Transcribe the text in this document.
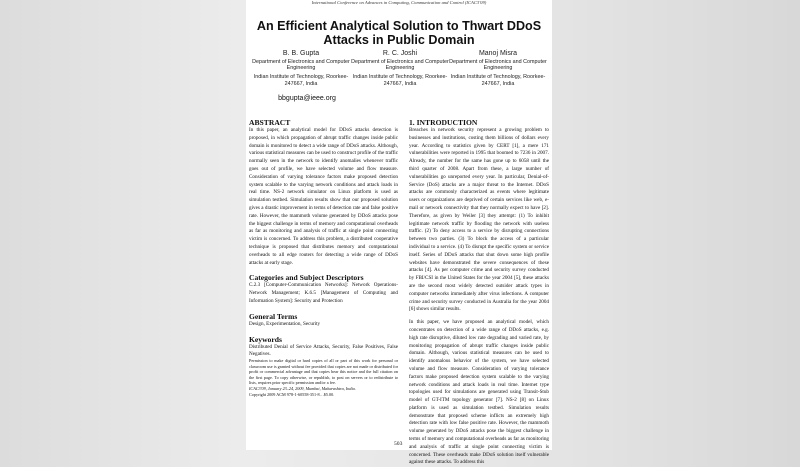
International Conference on Advances in Computing, Communication and Control (ICAC3'09)
An Efficient Analytical Solution to Thwart DDoS Attacks in Public Domain
B. B. Gupta
Department of Electronics and Computer Engineering
Indian Institute of Technology, Roorkee-247667, India
R. C. Joshi
Department of Electronics and Computer Engineering
Indian Institute of Technology, Roorkee-247667, India
Manoj Misra
Department of Electronics and Computer Engineering
Indian Institute of Technology, Roorkee-247667, India
bbgupta@ieee.org
ABSTRACT

In this paper, an analytical model for DDoS attacks detection is proposed, in which propagation of abrupt traffic changes inside public domain is monitored to detect a wide range of DDoS attacks. Although, various statistical measures can be used to construct profile of the traffic normally seen in the network to identify anomalies whenever traffic goes out of profile, we have selected volume and flow measure. Consideration of varying tolerance factors make proposed detection system scalable to the varying network conditions and attack loads in real time. NS-2 network simulator on Linux platform is used as simulation testbed. Simulation results show that our proposed solution gives a drastic improvement in terms of detection rate and false positive rate. However, the mammoth volume generated by DDoS attacks pose the biggest challenge in terms of memory and computational overheads as far as monitoring and analysis of traffic at single point connecting victim is concerned. To address this problem, a distributed cooperative technique is proposed that distributes memory and computational overheads to all edge routers for detecting a wide range of DDoS attacks at early stage.

Categories and Subject Descriptors

C.2.3 [Computer-Communication Networks]: Network Operations-Network Management; K.6.5 [Management of Computing and Information System]: Security and Protection

General Terms

Design, Experimentation, Security

Keywords

Distributed Denial of Service Attacks, Security, False Positives, False Negatives.

Permission to make digital or hard copies of all or part of this work for personal or classroom use is granted without fee provided that copies are not made or distributed for profit or commercial advantage and that copies bear this notice and the full citation on the first page. To copy otherwise, or republish, to post on servers or to redistribute to lists, requires prior specific permission and/or a fee.

ICAC3'09, January 23–24, 2009, Mumbai, Maharashtra, India.

Copyright 2009 ACM 978-1-60558-351-8…$5.00.

1. INTRODUCTION

Breaches in network security represent a growing problem to businesses and institutions, costing them billions of dollars every year. According to statistics given by CERT [1], a mere 171 vulnerabilities were reported in 1995 that boomed to 7236 in 2007. Already, the number for the same has gone up to 6058 until the third quarter of 2008. Apart from these, a large number of vulnerabilities go unreported every year. In particular, Denial-of-Service (DoS) attacks are a major threat to the Internet. DDoS attacks are commonly characterized as events where legitimate users or organizations are deprived of certain services like web, e-mail or network connectivity that they normally expect to have [2]. Therefore, as given by Weiler [3] they attempt: (1) To inhibit legitimate network traffic by flooding the network with useless traffic. (2) To deny access to a service by disrupting connections between two parties. (3) To block the access of a particular individual to a service. (4) To disrupt the specific system or service itself. Series of DDoS attacks that shut down some high profile websites have demonstrated the severe consequences of these attacks [4]. As per computer crime and security survey conducted by FBI/CSI in the United States for the year 2004 [5], these attacks are the second most widely detected outsider attack types in computer networks immediately after virus infections. A computer crime and security survey conducted in Australia for the year 2004 [6] shows similar results.

In this paper, we have proposed an analytical model, which concentrates on detection of a wide range of DDoS attacks, e.g. high rate disruptive, diluted low rate degrading and varied rate, by monitoring propagation of abrupt traffic changes inside public domain. Although, various statistical measures can be used to identify anomalous behavior of the system, we have selected volume and flow measure. Consideration of varying tolerance factors make proposed detection system scalable to the varying network conditions and attack loads in real time. Internet type topologies used for simulations are generated using Transit-Stub model of GT-ITM topology generator [7]. NS-2 [8] on Linux platform is used as simulation testbed. Simulation results demonstrate that proposed scheme inflicts an extremely high detection rate with low false positive rate. However, the mammoth volume generated by DDoS attacks pose the biggest challenge in terms of memory and computational overheads as far as monitoring and analysis of traffic at single point connecting victim is concerned. These overheads make DDoS solution itself vulnerable against these attacks. To address this

503
